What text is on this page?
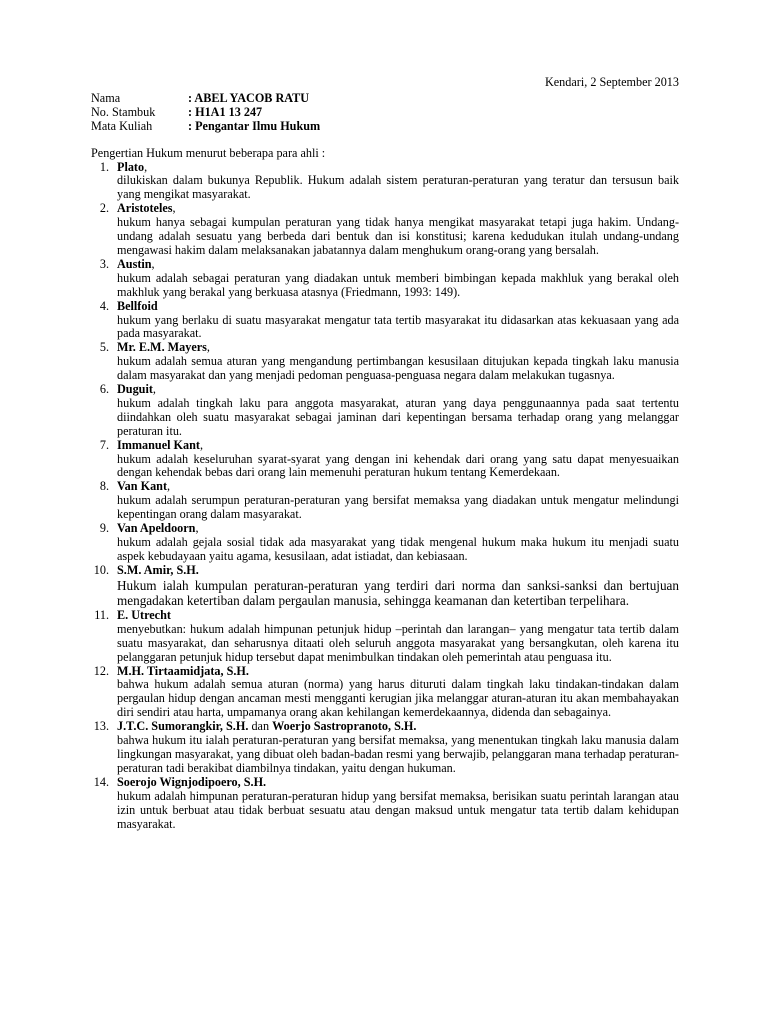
Kendari, 2 September 2013
Nama	: ABEL YACOB RATU
No. Stambuk	: H1A1 13 247
Mata Kuliah	: Pengantar Ilmu Hukum
Pengertian Hukum menurut beberapa para ahli :
1. Plato,
dilukiskan dalam bukunya Republik. Hukum adalah sistem peraturan-peraturan yang teratur dan tersusun baik yang mengikat masyarakat.
2. Aristoteles,
hukum hanya sebagai kumpulan peraturan yang tidak hanya mengikat masyarakat tetapi juga hakim. Undang-undang adalah sesuatu yang berbeda dari bentuk dan isi konstitusi; karena kedudukan itulah undang-undang mengawasi hakim dalam melaksanakan jabatannya dalam menghukum orang-orang yang bersalah.
3. Austin,
hukum adalah sebagai peraturan yang diadakan untuk memberi bimbingan kepada makhluk yang berakal oleh makhluk yang berakal yang berkuasa atasnya (Friedmann, 1993: 149).
4. Bellfoid
hukum yang berlaku di suatu masyarakat mengatur tata tertib masyarakat itu didasarkan atas kekuasaan yang ada pada masyarakat.
5. Mr. E.M. Mayers,
hukum adalah semua aturan yang mengandung pertimbangan kesusilaan ditujukan kepada tingkah laku manusia dalam masyarakat dan yang menjadi pedoman penguasa-penguasa negara dalam melakukan tugasnya.
6. Duguit,
hukum adalah tingkah laku para anggota masyarakat, aturan yang daya penggunaannya pada saat tertentu diindahkan oleh suatu masyarakat sebagai jaminan dari kepentingan bersama terhadap orang yang melanggar peraturan itu.
7. Immanuel Kant,
hukum adalah keseluruhan syarat-syarat yang dengan ini kehendak dari orang yang satu dapat menyesuaikan dengan kehendak bebas dari orang lain memenuhi peraturan hukum tentang Kemerdekaan.
8. Van Kant,
hukum adalah serumpun peraturan-peraturan yang bersifat memaksa yang diadakan untuk mengatur melindungi kepentingan orang dalam masyarakat.
9. Van Apeldoorn,
hukum adalah gejala sosial tidak ada masyarakat yang tidak mengenal hukum maka hukum itu menjadi suatu aspek kebudayaan yaitu agama, kesusilaan, adat istiadat, dan kebiasaan.
10. S.M. Amir, S.H.
Hukum ialah kumpulan peraturan-peraturan yang terdiri dari norma dan sanksi-sanksi dan bertujuan mengadakan ketertiban dalam pergaulan manusia, sehingga keamanan dan ketertiban terpelihara.
11. E. Utrecht
menyebutkan: hukum adalah himpunan petunjuk hidup –perintah dan larangan– yang mengatur tata tertib dalam suatu masyarakat, dan seharusnya ditaati oleh seluruh anggota masyarakat yang bersangkutan, oleh karena itu pelanggaran petunjuk hidup tersebut dapat menimbulkan tindakan oleh pemerintah atau penguasa itu.
12. M.H. Tirtaamidjata, S.H.
bahwa hukum adalah semua aturan (norma) yang harus dituruti dalam tingkah laku tindakan-tindakan dalam pergaulan hidup dengan ancaman mesti mengganti kerugian jika melanggar aturan-aturan itu akan membahayakan diri sendiri atau harta, umpamanya orang akan kehilangan kemerdekaannya, didenda dan sebagainya.
13. J.T.C. Sumorangkir, S.H. dan Woerjo Sastropranoto, S.H.
bahwa hukum itu ialah peraturan-peraturan yang bersifat memaksa, yang menentukan tingkah laku manusia dalam lingkungan masyarakat, yang dibuat oleh badan-badan resmi yang berwajib, pelanggaran mana terhadap peraturan-peraturan tadi berakibat diambilnya tindakan, yaitu dengan hukuman.
14. Soerojo Wignjodipoero, S.H.
hukum adalah himpunan peraturan-peraturan hidup yang bersifat memaksa, berisikan suatu perintah larangan atau izin untuk berbuat atau tidak berbuat sesuatu atau dengan maksud untuk mengatur tata tertib dalam kehidupan masyarakat.
